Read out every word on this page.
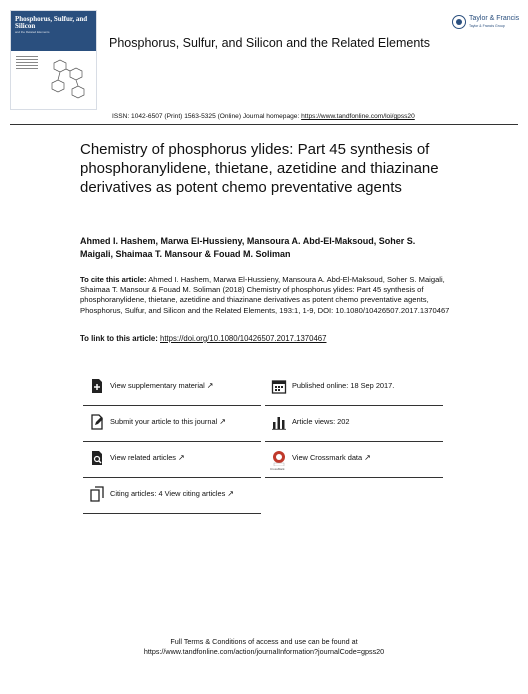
Phosphorus, Sulfur, and Silicon
and the Related Elements
Phosphorus, Sulfur, and Silicon and the Related Elements
Taylor & Francis
Taylor & Francis Group
ISSN: 1042-6507 (Print) 1563-5325 (Online) Journal homepage: https://www.tandfonline.com/loi/gpss20
Chemistry of phosphorus ylides: Part 45 synthesis of phosphoranylidene, thietane, azetidine and thiazinane derivatives as potent chemo preventative agents
Ahmed I. Hashem, Marwa El-Hussieny, Mansoura A. Abd-El-Maksoud, Soher S. Maigali, Shaimaa T. Mansour & Fouad M. Soliman
To cite this article: Ahmed I. Hashem, Marwa El-Hussieny, Mansoura A. Abd-El-Maksoud, Soher S. Maigali, Shaimaa T. Mansour & Fouad M. Soliman (2018) Chemistry of phosphorus ylides: Part 45 synthesis of phosphoranylidene, thietane, azetidine and thiazinane derivatives as potent chemo preventative agents, Phosphorus, Sulfur, and Silicon and the Related Elements, 193:1, 1-9, DOI: 10.1080/10426507.2017.1370467
To link to this article: https://doi.org/10.1080/10426507.2017.1370467
View supplementary material ↗
Submit your article to this journal ↗
View related articles ↗
Citing articles: 4 View citing articles ↗
Published online: 18 Sep 2017.
Article views: 202
View Crossmark data ↗
CrossMark
Full Terms & Conditions of access and use can be found at
https://www.tandfonline.com/action/journalInformation?journalCode=gpss20
